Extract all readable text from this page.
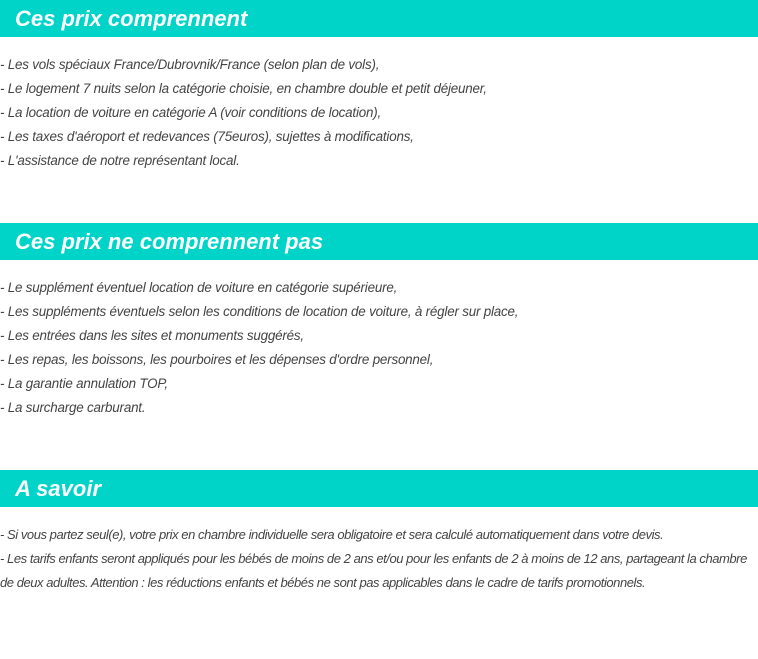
Ces prix comprennent
- Les vols spéciaux France/Dubrovnik/France (selon plan de vols),
- Le logement 7 nuits selon la catégorie choisie, en chambre double et petit déjeuner,
- La location de voiture en catégorie A (voir conditions de location),
- Les taxes d'aéroport et redevances (75euros), sujettes à modifications,
- L'assistance de notre représentant local.
Ces prix ne comprennent pas
- Le supplément éventuel location de voiture en catégorie supérieure,
- Les suppléments éventuels selon les conditions de location de voiture, à régler sur place,
- Les entrées dans les sites et monuments suggérés,
- Les repas, les boissons, les pourboires et les dépenses d'ordre personnel,
- La garantie annulation TOP,
- La surcharge carburant.
A savoir
- Si vous partez seul(e), votre prix en chambre individuelle sera obligatoire et sera calculé automatiquement dans votre devis.
- Les tarifs enfants seront appliqués pour les bébés de moins de 2 ans et/ou pour les enfants de 2 à moins de 12 ans, partageant la chambre de deux adultes. Attention : les réductions enfants et bébés ne sont pas applicables dans le cadre de tarifs promotionnels.
